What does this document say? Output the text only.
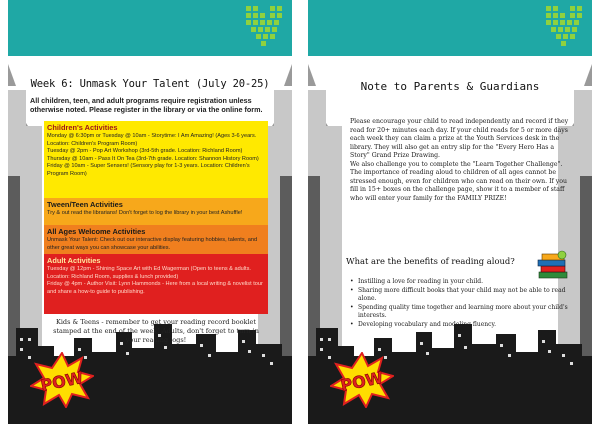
Week 6: Unmask Your Talent (July 20-25)
All children, teen, and adult programs require registration unless otherwise noted. Please register in the library or via the online form.
Children's Activities

Monday @ 6:30pm or Tuesday @ 10am - Storytime: I Am Amazing! (Ages 3-6 years. Location: Children's Program Room)

Tuesday @ 2pm - Pop Art Workshop (3rd-5th grade. Location: Richland Room)

Thursday @ 10am - Pass It On Tea (3rd-7th grade. Location: Shannon History Room)

Friday @ 10am - Super Sensers! (Sensory play for 1-3 years. Location: Children's Program Room)

Tween/Teen Activities

Try & out read the librarians! Don't forget to log the library in your best Ashuffle!

All Ages Welcome Activities

Unmask Your Talent: Check out our interactive display featuring hobbies, talents, and other great ways you can showcase your abilities.

Adult Activities

Tuesday @ 12pm - Shining Space Art with Ed Wagerman (Open to teens & adults. Location: Richland Room, supplies & lunch provided)

Friday @ 4pm - Author Visit: Lynn Hammonds - Here from a local writing & novelist tour and share a how-to guide to publishing.

Kids & Teens - remember to get your reading record booklet stamped at the end of the week! Adults, don't forget to turn in your reading logs!
POW
Note to Parents & Guardians

Please encourage your child to read independently and record if they read for 20+ minutes each day. If your child reads for 5 or more days each week they can claim a prize at the Youth Services desk in the library. They will also get an entry slip for the "Every Hero Has a Story" Grand Prize Drawing.

We also challenge you to complete the "Learn Together Challenge". The importance of reading aloud to children of all ages cannot be stressed enough, even for children who can read on their own. If you fill in 15+ boxes on the challenge page, show it to a member of staff who will enter your family for the FAMILY PRIZE!

What are the benefits of reading aloud?
• Instilling a love for reading in your child.
• Sharing more difficult books that your child may not be able to read alone.
• Spending quality time together and learning more about your child's interests.
• Developing vocabulary and modeling fluency.
POW
